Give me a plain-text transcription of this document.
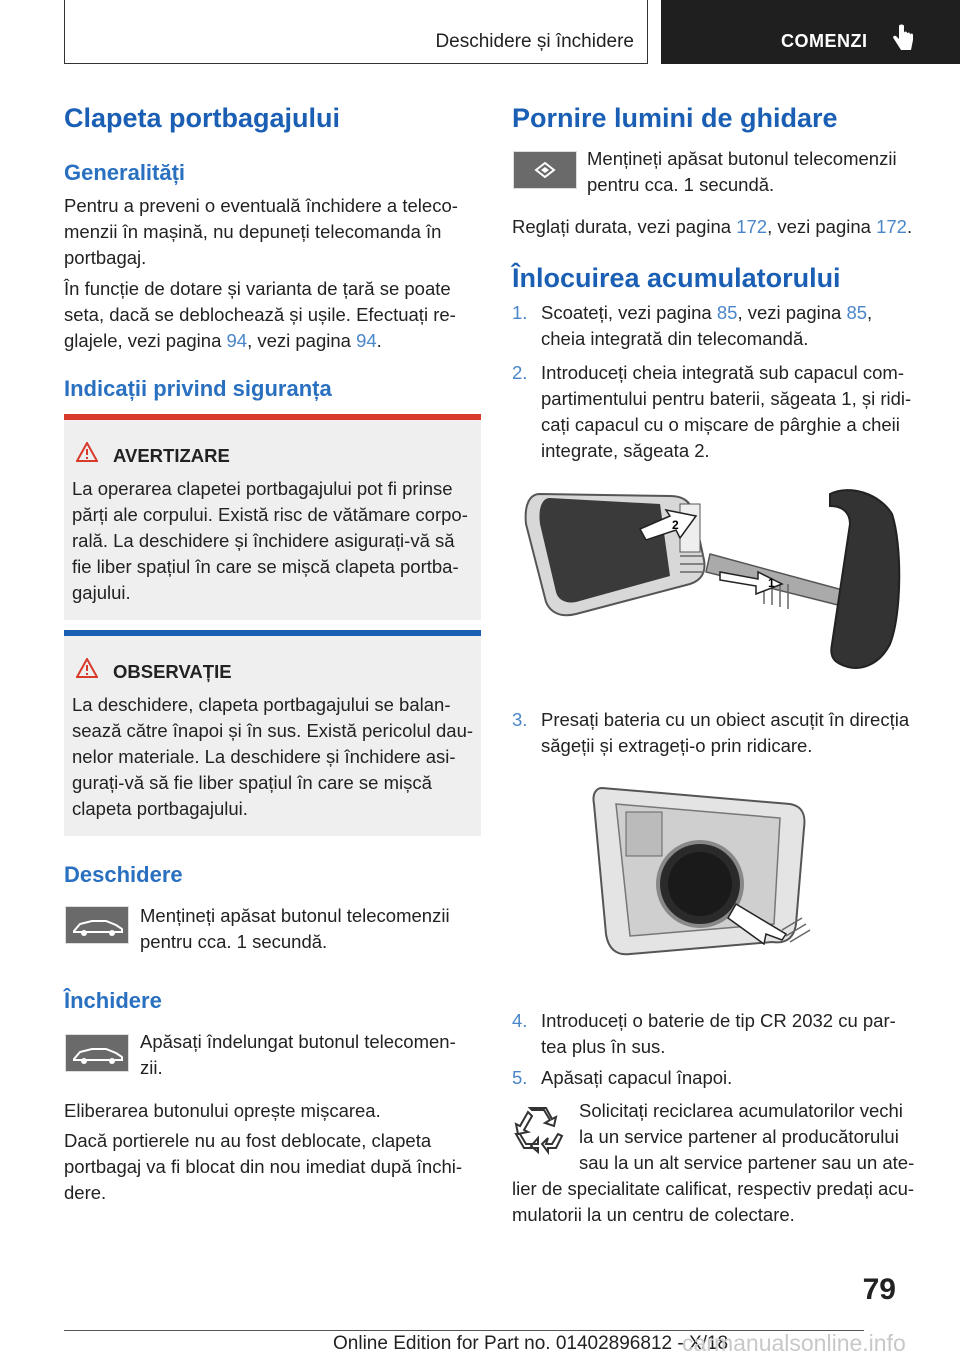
Deschidere și închidere	COMENZI
Clapeta portbagajului
Generalități

Pentru a preveni o eventuală închidere a teleco-

menzii în mașină, nu depuneți telecomanda în

portbagaj.

În funcție de dotare și varianta de țară se poate

seta, dacă se deblochează și ușile. Efectuați re-

glajele, vezi pagina 94, vezi pagina 94.

Indicații privind siguranța
AVERTIZARE

La operarea clapetei portbagajului pot fi prinse

părți ale corpului. Există risc de vătămare corpo-

rală. La deschidere și închidere asigurați-vă să

fie liber spațiul în care se mișcă clapeta portba-

gajului.

OBSERVAȚIE

La deschidere, clapeta portbagajului se balan-

sează către înapoi și în sus. Există pericolul dau-

nelor materiale. La deschidere și închidere asi-

gurați-vă să fie liber spațiul în care se mișcă

clapeta portbagajului.

Deschidere

Mențineți apăsat butonul telecomenzii

pentru cca. 1 secundă.

Închidere

Apăsați îndelungat butonul telecomen-

zii.

Eliberarea butonului oprește mișcarea.

Dacă portierele nu au fost deblocate, clapeta

portbagaj va fi blocat din nou imediat după închi-

dere.

Pornire lumini de ghidare

Mențineți apăsat butonul telecomenzii

pentru cca. 1 secundă.

Reglați durata, vezi pagina 172, vezi pagina 172.

Înlocuirea acumulatorului
1. Scoateți, vezi pagina 85, vezi pagina 85,

cheia integrată din telecomandă.

2. Introduceți cheia integrată sub capacul com-

partimentului pentru baterii, săgeata 1, și ridi-

cați capacul cu o mișcare de pârghie a cheii

integrate, săgeata 2.

1
2
3. Presați bateria cu un obiect ascuțit în direcția

săgeții și extrageți-o prin ridicare.

4. Introduceți o baterie de tip CR 2032 cu par-

tea plus în sus.

5. Apăsați capacul înapoi.

Solicitați reciclarea acumulatorilor vechi

la un service partener al producătorului

sau la un alt service partener sau un ate-

lier de specialitate calificat, respectiv predați acu-

mulatorii la un centru de colectare.

79
Online Edition for Part no. 01402896812 - X/18
carmanualsonline.info
